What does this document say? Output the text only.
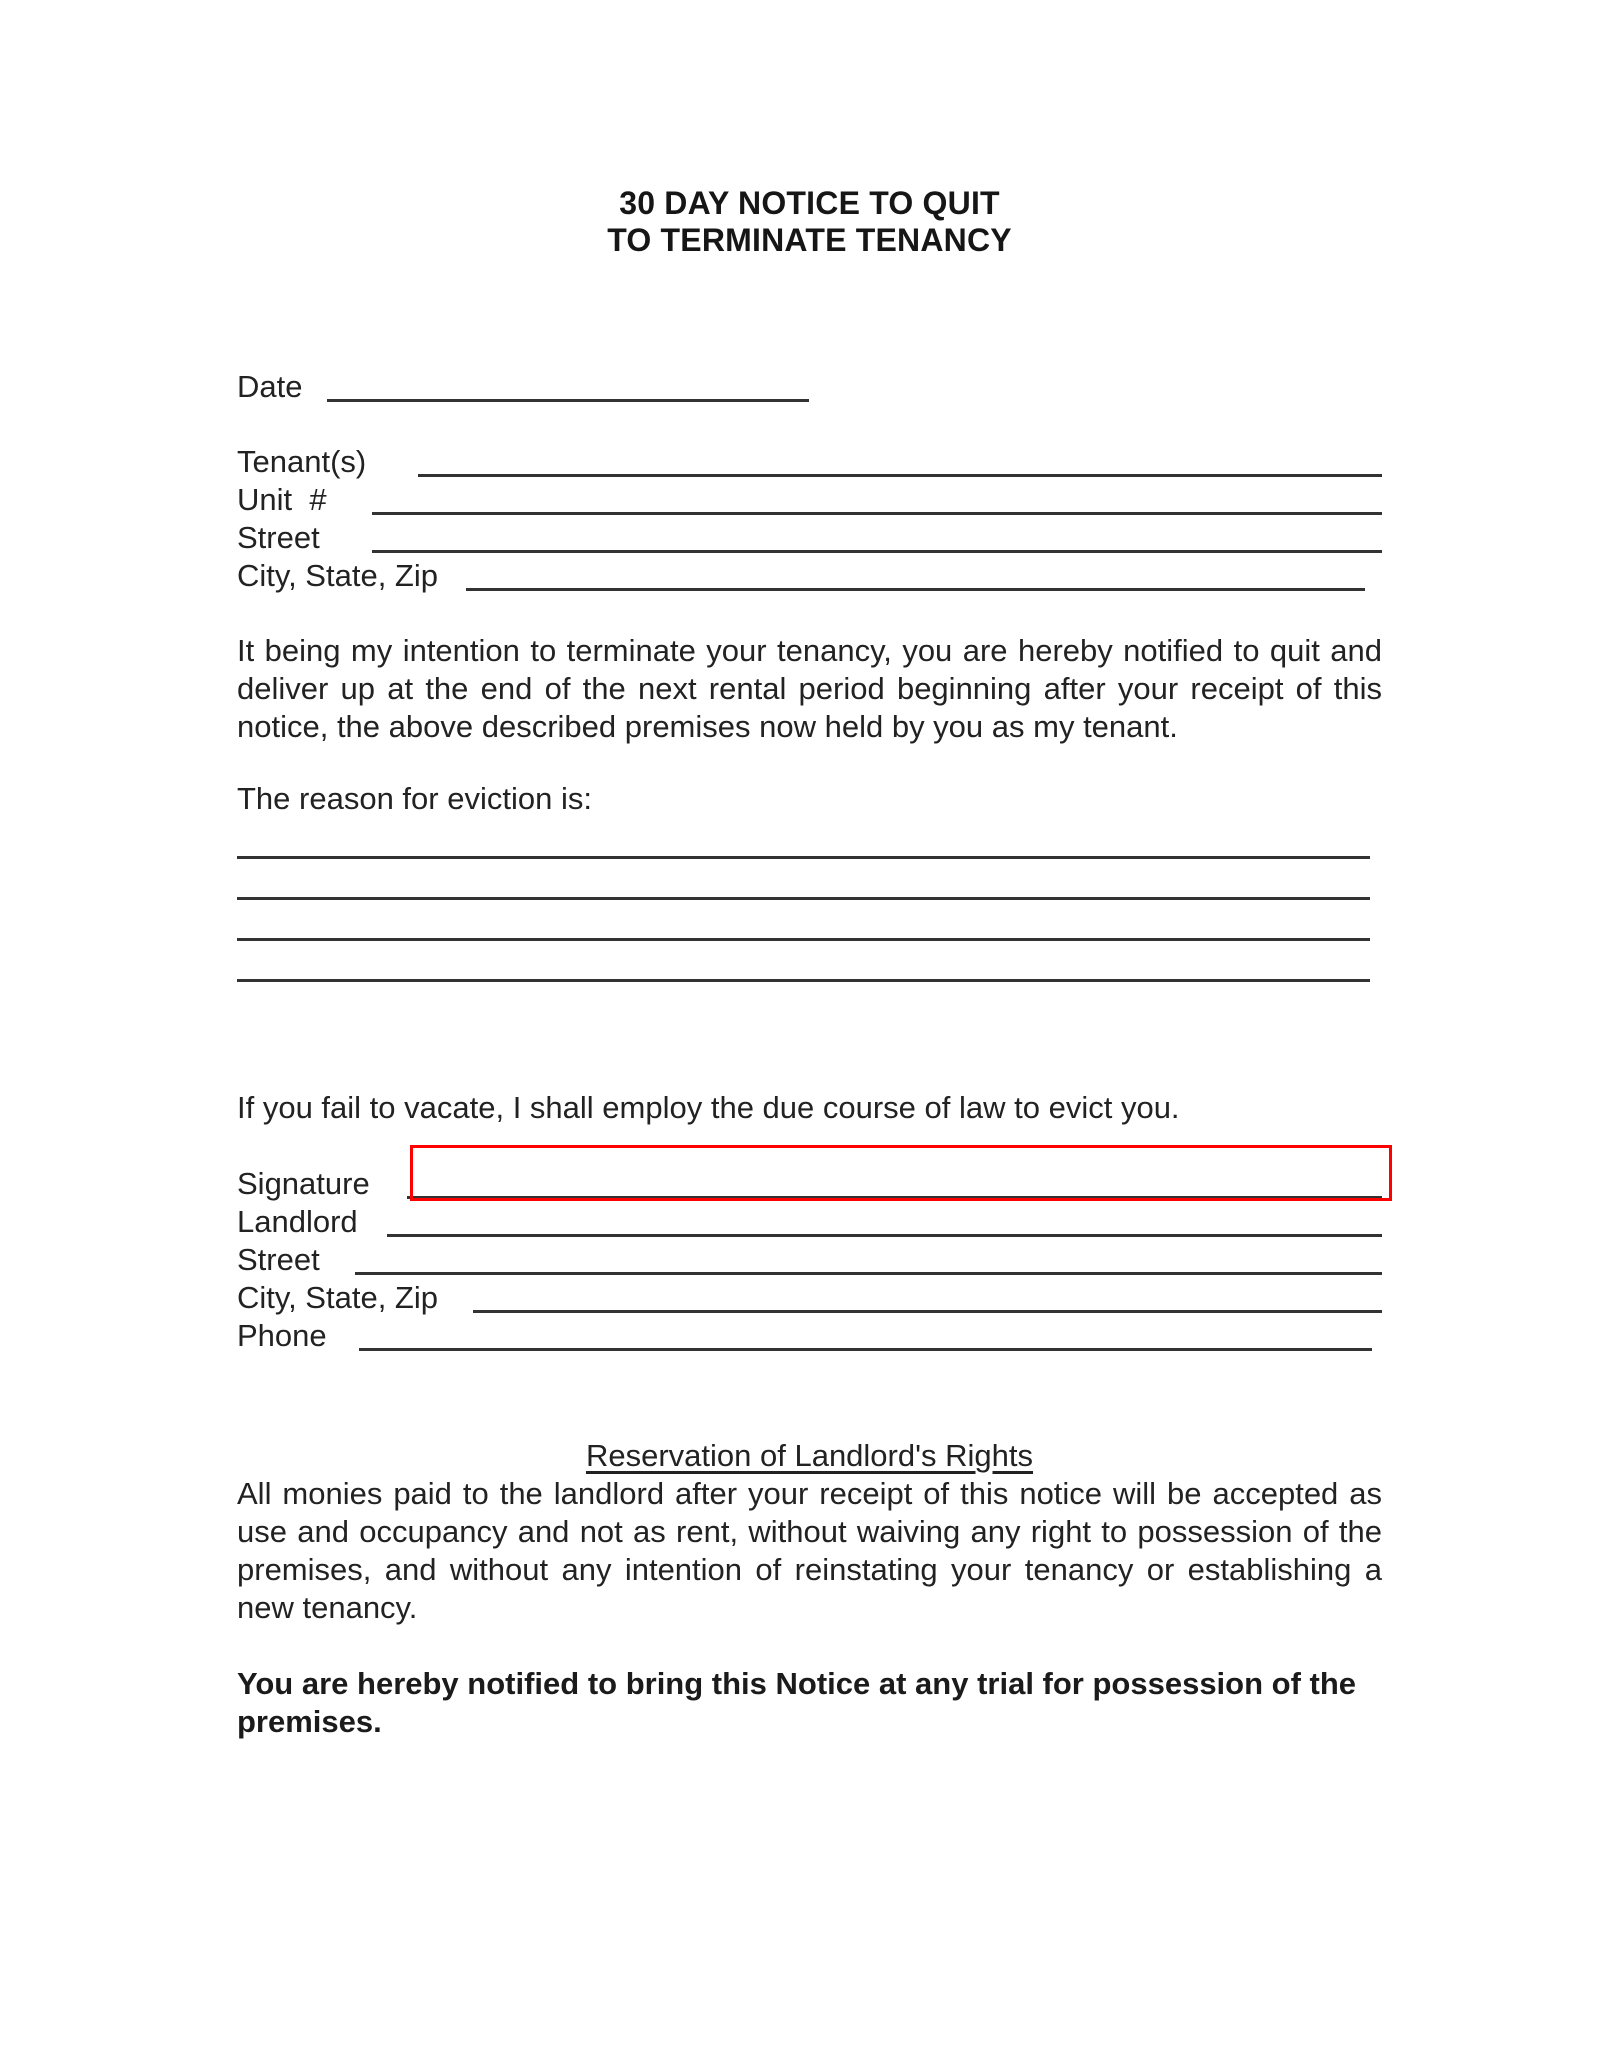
30 DAY NOTICE TO QUIT
TO TERMINATE TENANCY
Date
Tenant(s)
Unit  #
Street
City, State, Zip

It being my intention to terminate your tenancy, you are hereby notified to quit and deliver up at the end of the next rental period beginning after your receipt of this notice, the above described premises now held by you as my tenant.

The reason for eviction is:

If you fail to vacate, I shall employ the due course of law to evict you.

Signature
Landlord
Street
City, State, Zip
Phone
Reservation of Landlord's Rights

All monies paid to the landlord after your receipt of this notice will be accepted as use and occupancy and not as rent, without waiving any right to possession of the premises, and without any intention of reinstating your tenancy or establishing a new tenancy.

You are hereby notified to bring this Notice at any trial for possession of the premises.
